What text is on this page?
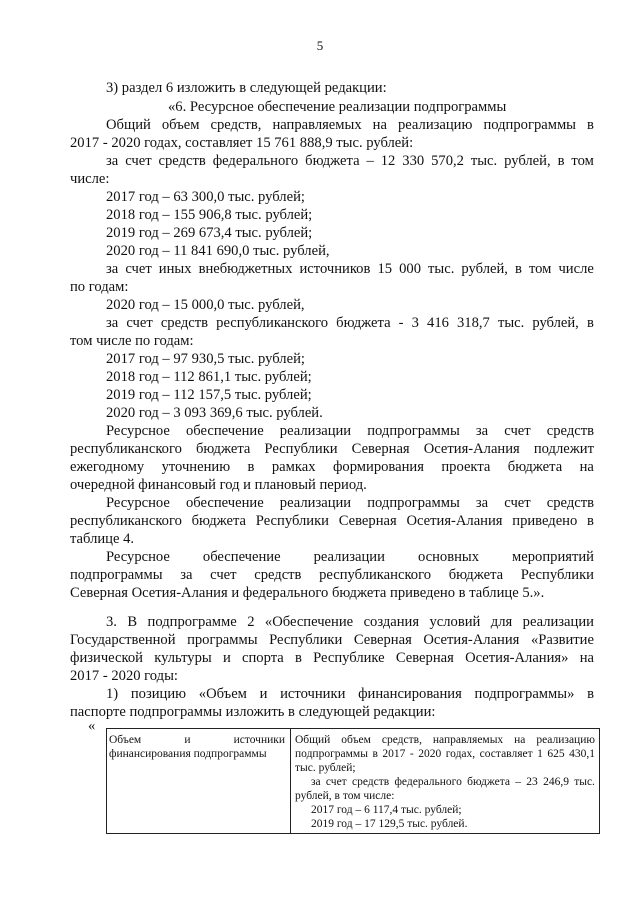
5
3) раздел 6 изложить в следующей редакции:
«6. Ресурсное обеспечение реализации подпрограммы
Общий объем средств, направляемых на реализацию подпрограммы в
2017 - 2020 годах, составляет 15 761 888,9 тыс. рублей:
за счет средств федерального бюджета – 12 330 570,2 тыс. рублей, в том
числе:
2017 год – 63 300,0 тыс. рублей;
2018 год – 155 906,8 тыс. рублей;
2019 год – 269 673,4 тыс. рублей;
2020 год – 11 841 690,0 тыс. рублей,
за счет иных внебюджетных источников 15 000 тыс. рублей, в том числе
по годам:
2020 год – 15 000,0 тыс. рублей,
за счет средств республиканского бюджета - 3 416 318,7 тыс. рублей, в
том числе по годам:
2017 год – 97 930,5 тыс. рублей;
2018 год – 112 861,1 тыс. рублей;
2019 год – 112 157,5 тыс. рублей;
2020 год – 3 093 369,6 тыс. рублей.
Ресурсное обеспечение реализации подпрограммы за счет средств
республиканского бюджета Республики Северная Осетия-Алания подлежит
ежегодному уточнению в рамках формирования проекта бюджета на
очередной финансовый год и плановый период.
Ресурсное обеспечение реализации подпрограммы за счет средств
республиканского бюджета Республики Северная Осетия-Алания приведено в
таблице 4.
Ресурсное обеспечение реализации основных мероприятий
подпрограммы за счет средств республиканского бюджета Республики
Северная Осетия-Алания и федерального бюджета приведено в таблице 5.».
3. В подпрограмме 2 «Обеспечение создания условий для реализации
Государственной программы Республики Северная Осетия-Алания «Развитие
физической культуры и спорта в Республике Северная Осетия-Алания» на
2017 - 2020 годы:
1) позицию «Объем и источники финансирования подпрограммы» в
паспорте подпрограммы изложить в следующей редакции:
«
Объем	и	источники
финансирования подпрограммы
Общий объем средств, направляемых на реализацию
подпрограммы в 2017 - 2020 годах, составляет 1 625 430,1
тыс. рублей;
за счет средств федерального бюджета – 23 246,9 тыс.
рублей, в том числе:
2017 год – 6 117,4 тыс. рублей;
2019 год – 17 129,5 тыс. рублей.
